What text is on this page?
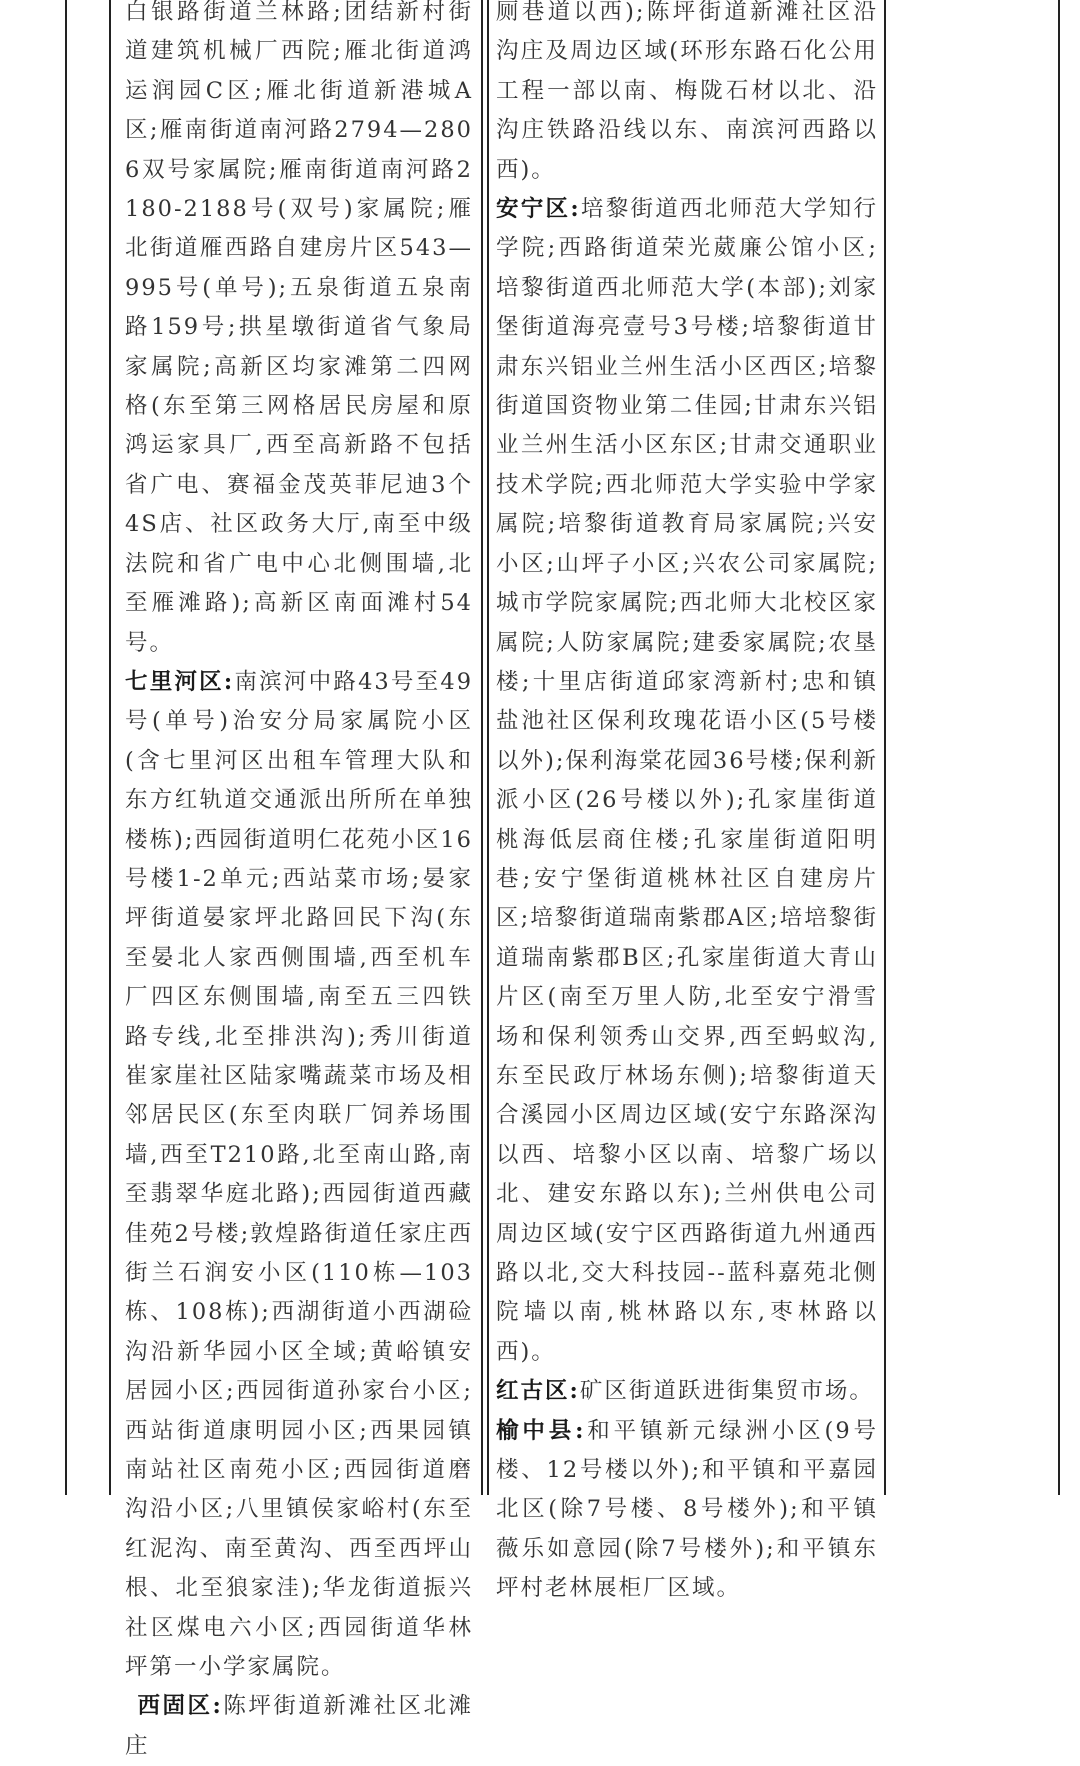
白银路街道兰林路;团结新村街道建筑机械厂西院;雁北街道鸿运润园C区;雁北街道新港城A区;雁南街道南河路2794—2806双号家属院;雁南街道南河路2180-2188号(双号)家属院;雁北街道雁西路自建房片区543—995号(单号);五泉街道五泉南路159号;拱星墩街道省气象局家属院;高新区均家滩第二四网格(东至第三网格居民房屋和原鸿运家具厂,西至高新路不包括省广电、赛福金茂英菲尼迪3个4S店、社区政务大厅,南至中级法院和省广电中心北侧围墙,北至雁滩路);高新区南面滩村54号。

七里河区:南滨河中路43号至49号(单号)治安分局家属院小区(含七里河区出租车管理大队和东方红轨道交通派出所所在单独楼栋);西园街道明仁花苑小区16号楼1-2单元;西站菜市场;晏家坪街道晏家坪北路回民下沟(东至晏北人家西侧围墙,西至机车厂四区东侧围墙,南至五三四铁路专线,北至排洪沟);秀川街道崔家崖社区陆家嘴蔬菜市场及相邻居民区(东至肉联厂饲养场围墙,西至T210路,北至南山路,南至翡翠华庭北路);西园街道西藏佳苑2号楼;敦煌路街道任家庄西街兰石润安小区(110栋—103栋、108栋);西湖街道小西湖硷沟沿新华园小区全域;黄峪镇安居园小区;西园街道孙家台小区;西站街道康明园小区;西果园镇南站社区南苑小区;西园街道磨沟沿小区;八里镇侯家峪村(东至红泥沟、南至黄沟、西至西坪山根、北至狼家洼);华龙街道振兴社区煤电六小区;西园街道华林坪第一小学家属院。

西固区:陈坪街道新滩社区北滩庄

厕巷道以西);陈坪街道新滩社区沿沟庄及周边区域(环形东路石化公用工程一部以南、梅陇石材以北、沿沟庄铁路沿线以东、南滨河西路以西)。

安宁区:培黎街道西北师范大学知行学院;西路街道荣光葳廉公馆小区;培黎街道西北师范大学(本部);刘家堡街道海亮壹号3号楼;培黎街道甘肃东兴铝业兰州生活小区西区;培黎街道国资物业第二佳园;甘肃东兴铝业兰州生活小区东区;甘肃交通职业技术学院;西北师范大学实验中学家属院;培黎街道教育局家属院;兴安小区;山坪子小区;兴农公司家属院;城市学院家属院;西北师大北校区家属院;人防家属院;建委家属院;农垦楼;十里店街道邱家湾新村;忠和镇盐池社区保利玫瑰花语小区(5号楼以外);保利海棠花园36号楼;保利新派小区(26号楼以外);孔家崖街道桃海低层商住楼;孔家崖街道阳明巷;安宁堡街道桃林社区自建房片区;培黎街道瑞南紫郡A区;培培黎街道瑞南紫郡B区;孔家崖街道大青山片区(南至万里人防,北至安宁滑雪场和保利领秀山交界,西至蚂蚁沟,东至民政厅林场东侧);培黎街道天合溪园小区周边区域(安宁东路深沟以西、培黎小区以南、培黎广场以北、建安东路以东);兰州供电公司周边区域(安宁区西路街道九州通西路以北,交大科技园--蓝科嘉苑北侧院墙以南,桃林路以东,枣林路以西)。

红古区:矿区街道跃进街集贸市场。

榆中县:和平镇新元绿洲小区(9号楼、12号楼以外);和平镇和平嘉园北区(除7号楼、8号楼外);和平镇薇乐如意园(除7号楼外);和平镇东坪村老林展柜厂区域。
